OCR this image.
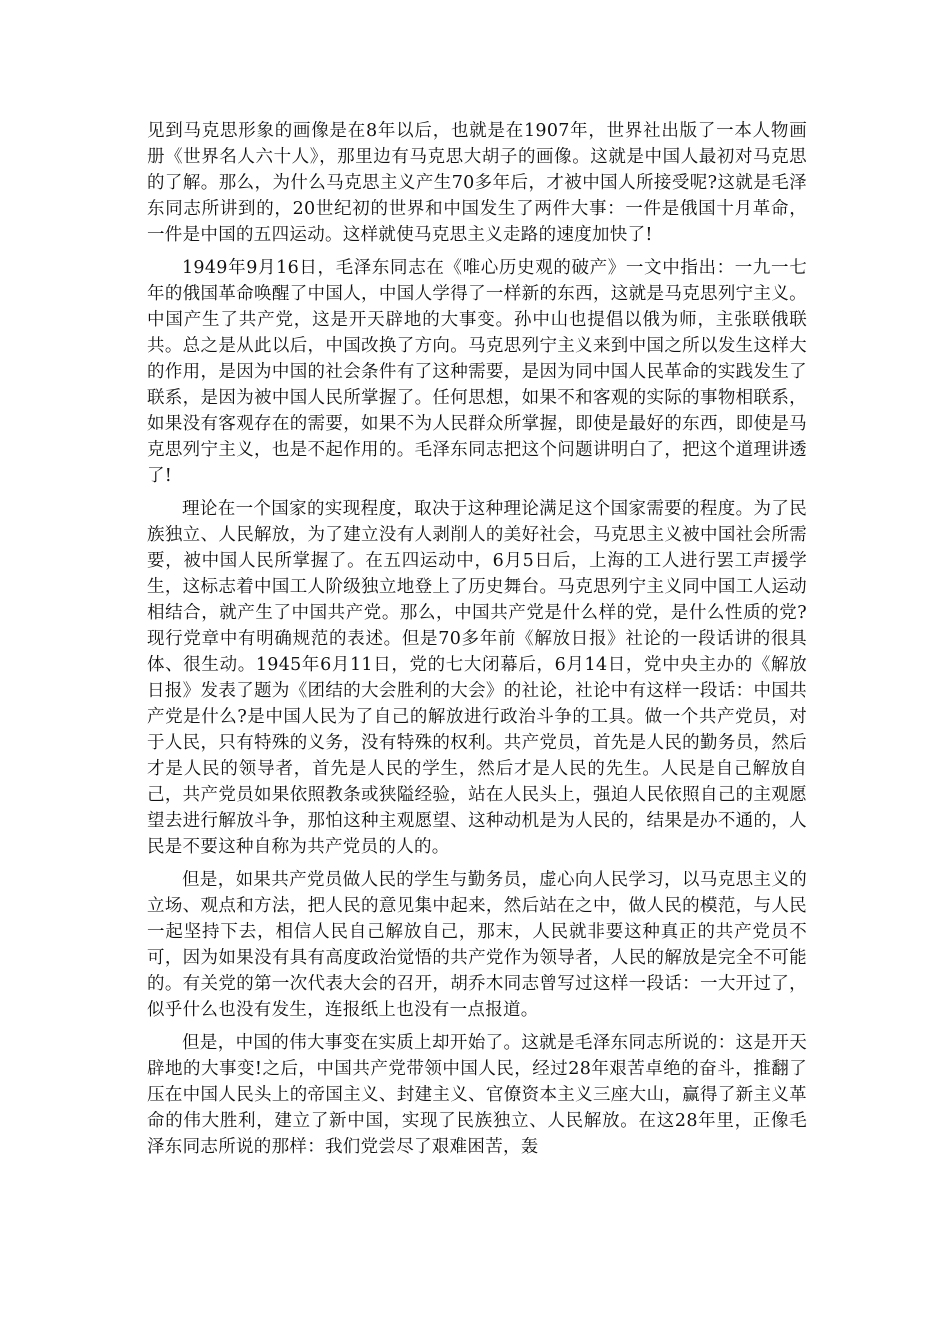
见到马克思形象的画像是在8年以后，也就是在1907年，世界社出版了一本人物画册《世界名人六十人》，那里边有马克思大胡子的画像。这就是中国人最初对马克思的了解。那么，为什么马克思主义产生70多年后，才被中国人所接受呢?这就是毛泽东同志所讲到的，20世纪初的世界和中国发生了两件大事：一件是俄国十月革命，一件是中国的五四运动。这样就使马克思主义走路的速度加快了!

1949年9月16日，毛泽东同志在《唯心历史观的破产》一文中指出：一九一七年的俄国革命唤醒了中国人，中国人学得了一样新的东西，这就是马克思列宁主义。中国产生了共产党，这是开天辟地的大事变。孙中山也提倡以俄为师，主张联俄联共。总之是从此以后，中国改换了方向。马克思列宁主义来到中国之所以发生这样大的作用，是因为中国的社会条件有了这种需要，是因为同中国人民革命的实践发生了联系，是因为被中国人民所掌握了。任何思想，如果不和客观的实际的事物相联系，如果没有客观存在的需要，如果不为人民群众所掌握，即使是最好的东西，即使是马克思列宁主义，也是不起作用的。毛泽东同志把这个问题讲明白了，把这个道理讲透了!

理论在一个国家的实现程度，取决于这种理论满足这个国家需要的程度。为了民族独立、人民解放，为了建立没有人剥削人的美好社会，马克思主义被中国社会所需要，被中国人民所掌握了。在五四运动中，6月5日后，上海的工人进行罢工声援学生，这标志着中国工人阶级独立地登上了历史舞台。马克思列宁主义同中国工人运动相结合，就产生了中国共产党。那么，中国共产党是什么样的党，是什么性质的党?现行党章中有明确规范的表述。但是70多年前《解放日报》社论的一段话讲的很具体、很生动。1945年6月11日，党的七大闭幕后，6月14日，党中央主办的《解放日报》发表了题为《团结的大会胜利的大会》的社论，社论中有这样一段话：中国共产党是什么?是中国人民为了自己的解放进行政治斗争的工具。做一个共产党员，对于人民，只有特殊的义务，没有特殊的权利。共产党员，首先是人民的勤务员，然后才是人民的领导者，首先是人民的学生，然后才是人民的先生。人民是自己解放自己，共产党员如果依照教条或狭隘经验，站在人民头上，强迫人民依照自己的主观愿望去进行解放斗争，那怕这种主观愿望、这种动机是为人民的，结果是办不通的，人民是不要这种自称为共产党员的人的。

但是，如果共产党员做人民的学生与勤务员，虚心向人民学习，以马克思主义的立场、观点和方法，把人民的意见集中起来，然后站在之中，做人民的模范，与人民一起坚持下去，相信人民自己解放自己，那末，人民就非要这种真正的共产党员不可，因为如果没有具有高度政治觉悟的共产党作为领导者，人民的解放是完全不可能的。有关党的第一次代表大会的召开，胡乔木同志曾写过这样一段话：一大开过了，似乎什么也没有发生，连报纸上也没有一点报道。

但是，中国的伟大事变在实质上却开始了。这就是毛泽东同志所说的：这是开天辟地的大事变!之后，中国共产党带领中国人民，经过28年艰苦卓绝的奋斗，推翻了压在中国人民头上的帝国主义、封建主义、官僚资本主义三座大山，赢得了新主义革命的伟大胜利，建立了新中国，实现了民族独立、人民解放。在这28年里，正像毛泽东同志所说的那样：我们党尝尽了艰难困苦，轰
